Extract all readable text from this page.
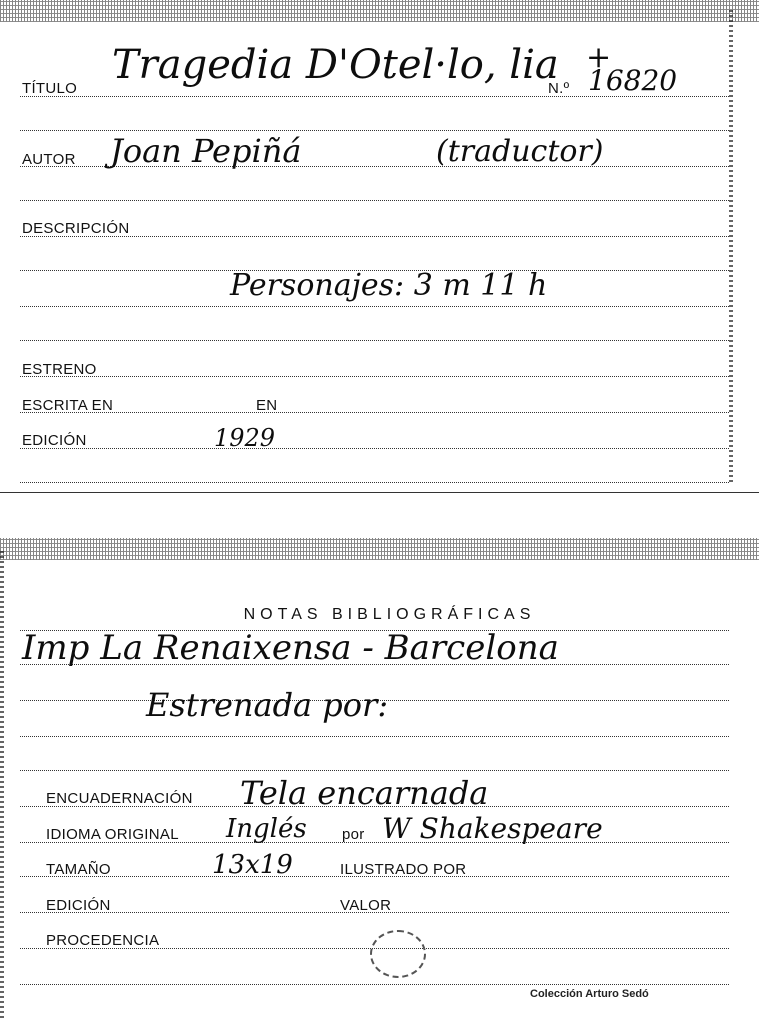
TÍTULO
Tragedia D'Otel·lo, lia
N.º
+
16820
AUTOR Joan Pepiñá	(traductor)
DESCRIPCIÓN
Personajes: 3 m 11 h
ESTRENO
ESCRITA EN	EN
EDICIÓN	1929
NOTAS BIBLIOGRÁFICAS
Imp La Renaixensa - Barcelona
Estrenada por:
ENCUADERNACIÓN Tela encarnada
IDIOMA ORIGINAL Inglés por W Shakespeare
TAMAÑO	13x19	ILUSTRADO POR
EDICIÓN	VALOR
PROCEDENCIA
Colección Arturo Sedó
